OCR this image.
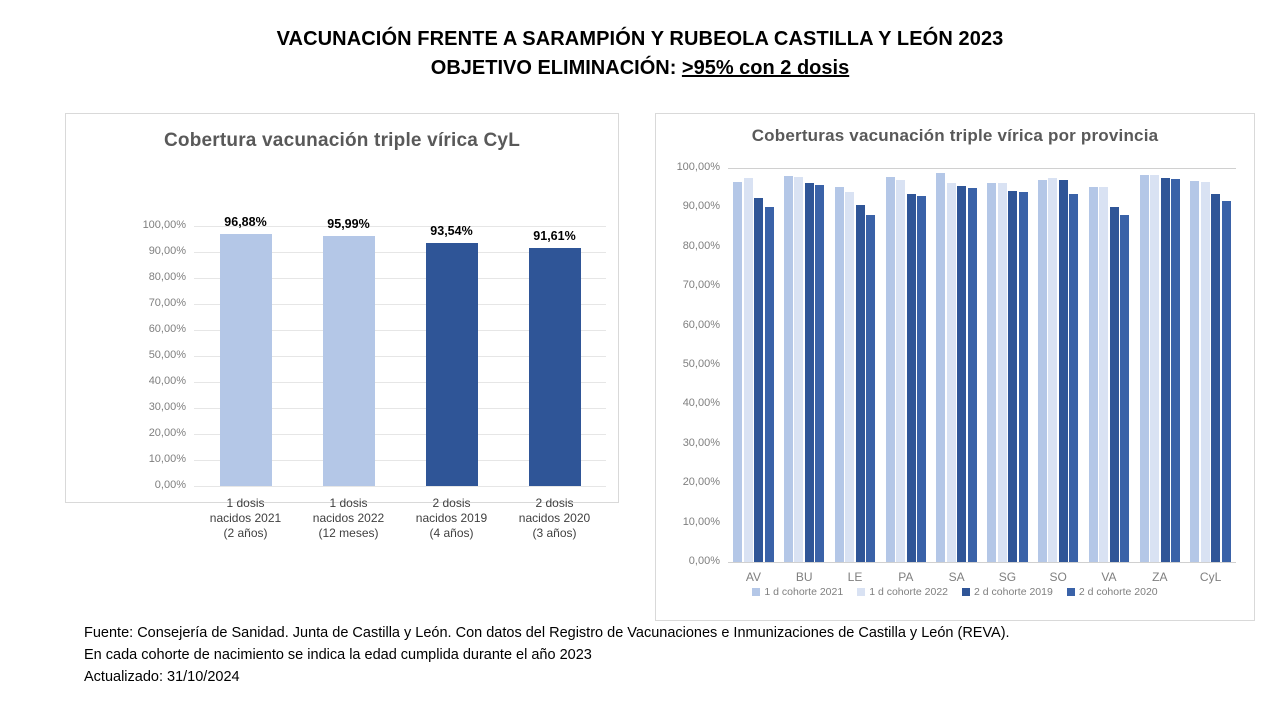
VACUNACIÓN FRENTE A SARAMPIÓN Y RUBEOLA CASTILLA Y LEÓN 2023
OBJETIVO ELIMINACIÓN: >95% con 2 dosis
Cobertura vacunación triple vírica CyL
100,00%
90,00%
80,00%
70,00%
60,00%
50,00%
40,00%
30,00%
20,00%
10,00%
0,00%
96,88%
1 dosis
nacidos 2021
(2 años)
95,99%
1 dosis
nacidos 2022
(12 meses)
93,54%
2 dosis
nacidos 2019
(4 años)
91,61%
2 dosis
nacidos 2020
(3 años)
Coberturas vacunación triple vírica por provincia
100,00%
90,00%
80,00%
70,00%
60,00%
50,00%
40,00%
30,00%
20,00%
10,00%
0,00%
AV	BU	LE	PA	SA	SG	SO	VA	ZA	CyL
1 d cohorte 2021 1 d cohorte 2022 2 d cohorte 2019 2 d cohorte 2020
Fuente: Consejería de Sanidad. Junta de Castilla y León. Con datos del Registro de Vacunaciones e Inmunizaciones de Castilla y León (REVA).
En cada cohorte de nacimiento se indica la edad cumplida durante el año 2023
Actualizado: 31/10/2024
